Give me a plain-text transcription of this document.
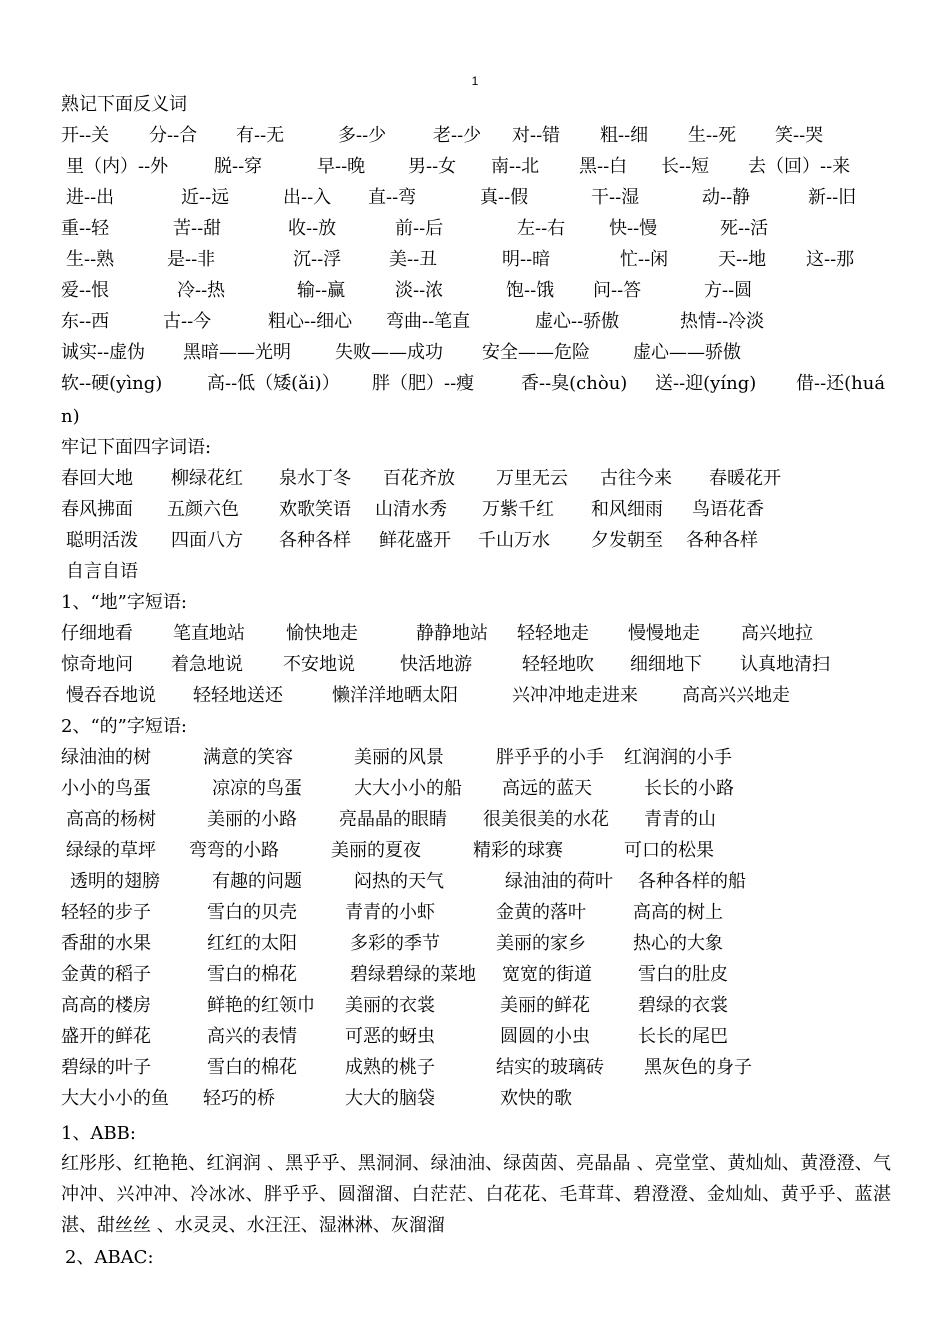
1
熟记下面反义词
开--关 分--合 有--无	多--少	老--少 对--错 粗--细 生--死 笑--哭
里（内）--外	脱--穿	早--晚 男--女 南--北 黑--白 长--短 去（回）--来
进--出	近--远	出--入 直--弯	真--假	干--湿	动--静	新--旧
重--轻	苦--甜	收--放	前--后	左--右 快--慢	死--活
生--熟	是--非	沉--浮	美--丑	明--暗	忙--闲	天--地 这--那
爱--恨	冷--热	输--赢	淡--浓	饱--饿 问--答	方--圆
东--西	古--今	粗心--细心 弯曲--笔直	虚心--骄傲	热情--冷淡
诚实--虚伪 黑暗——光明 失败——成功 安全——危险 虚心——骄傲
软--硬(yìng) 高--低（矮(ǎi)） 胖（肥）--瘦	香--臭(chòu) 送--迎(yíng) 借--还(huá
n)
牢记下面四字词语:
春回大地 柳绿花红 泉水丁冬 百花齐放 万里无云 古往今来 春暖花开
春风拂面 五颜六色 欢歌笑语 山清水秀 万紫千红 和风细雨 鸟语花香
聪明活泼 四面八方 各种各样 鲜花盛开 千山万水 夕发朝至 各种各样
自言自语
1、“地”字短语:
仔细地看 笔直地站 愉快地走	静静地站 轻轻地走 慢慢地走 高兴地拉
惊奇地问 着急地说 不安地说	快活地游	轻轻地吹 细细地下 认真地清扫
慢吞吞地说 轻轻地送还	懒洋洋地晒太阳	兴冲冲地走进来 高高兴兴地走
2、“的”字短语:
绿油油的树	满意的笑容	美丽的风景	胖乎乎的小手 红润润的小手
小小的鸟蛋	凉凉的鸟蛋	大大小小的船 高远的蓝天	长长的小路
高高的杨树	美丽的小路 亮晶晶的眼睛 很美很美的水花 青青的山
绿绿的草坪 弯弯的小路	美丽的夏夜	精彩的球赛	可口的松果
透明的翅膀	有趣的问题	闷热的天气	绿油油的荷叶 各种各样的船
轻轻的步子	雪白的贝壳	青青的小虾	金黄的落叶	高高的树上
香甜的水果	红红的太阳	多彩的季节	美丽的家乡	热心的大象
金黄的稻子	雪白的棉花	碧绿碧绿的菜地 宽宽的街道	雪白的肚皮
高高的楼房	鲜艳的红领巾 美丽的衣裳	美丽的鲜花	碧绿的衣裳
盛开的鲜花	高兴的表情	可恶的蚜虫	圆圆的小虫	长长的尾巴
碧绿的叶子	雪白的棉花	成熟的桃子	结实的玻璃砖 黑灰色的身子
大大小小的鱼 轻巧的桥	大大的脑袋	欢快的歌
1、ABB:
红彤彤、红艳艳、红润润 、黑乎乎、黑洞洞、绿油油、绿茵茵、亮晶晶 、亮堂堂、黄灿灿、黄澄澄、气冲冲、兴冲冲、冷冰冰、胖乎乎、圆溜溜、白茫茫、白花花、毛茸茸、碧澄澄、金灿灿、黄乎乎、蓝湛湛、甜丝丝 、水灵灵、水汪汪、湿淋淋、灰溜溜
2、ABAC:
